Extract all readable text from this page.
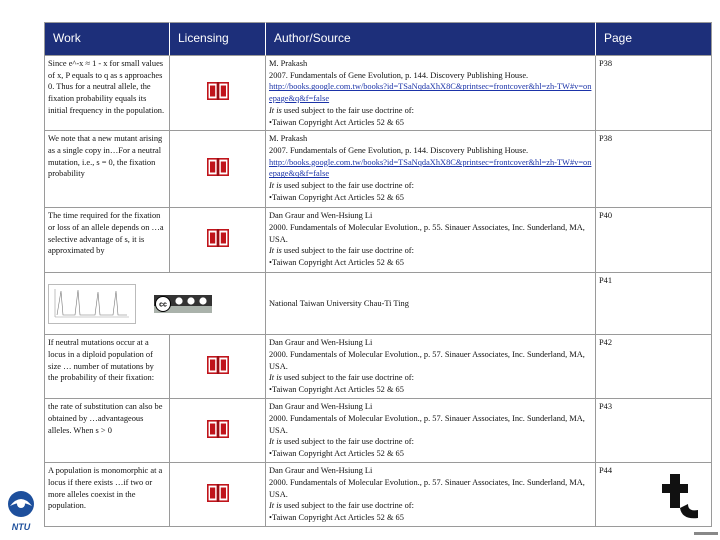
Work	Licensing	Author/Source	Page
Since e^-x ≈ 1 - x for small values of x, P equals to q as s approaches 0. Thus for a neutral allele, the fixation probability equals its initial frequency in the population.		M. Prakash
2007. Fundamentals of Gene Evolution, p. 144. Discovery Publishing House.
http://books.google.com.tw/books?id=TSaNqdaXhX8C&printsec=frontcover&hl=zh-TW#v=onepage&q&f=false
It is used subject to the fair use doctrine of:
•Taiwan Copyright Act Articles 52 & 65	P38
We note that a new mutant arising as a single copy in…For a neutral mutation, i.e., s = 0, the fixation probability		M. Prakash
2007. Fundamentals of Gene Evolution, p. 144. Discovery Publishing House.
http://books.google.com.tw/books?id=TSaNqdaXhX8C&printsec=frontcover&hl=zh-TW#v=onepage&q&f=false
It is used subject to the fair use doctrine of:
•Taiwan Copyright Act Articles 52 & 65	P38
The time required for the fixation or loss of an allele depends on …a selective advantage of s, it is approximated by		Dan Graur and Wen-Hsiung Li
2000. Fundamentals of Molecular Evolution., p. 55. Sinauer Associates, Inc. Sunderland, MA, USA.
It is used subject to the fair use doctrine of:
•Taiwan Copyright Act Articles 52 & 65	P40

cc		National Taiwan University Chau-Ti Ting	P41
If neutral mutations occur at a locus in a diploid population of size … number of mutations by the probability of their fixation:		Dan Graur and Wen-Hsiung Li
2000. Fundamentals of Molecular Evolution., p. 57. Sinauer Associates, Inc. Sunderland, MA, USA.
It is used subject to the fair use doctrine of:
•Taiwan Copyright Act Articles 52 & 65	P42
the rate of substitution can also be obtained by …advantageous alleles. When s > 0		Dan Graur and Wen-Hsiung Li
2000. Fundamentals of Molecular Evolution., p. 57. Sinauer Associates, Inc. Sunderland, MA, USA.
It is used subject to the fair use doctrine of:
•Taiwan Copyright Act Articles 52 & 65	P43
A population is monomorphic at a locus if there exists …if two or more alleles coexist in the population.		Dan Graur and Wen-Hsiung Li
2000. Fundamentals of Molecular Evolution., p. 57. Sinauer Associates, Inc. Sunderland, MA, USA.
It is used subject to the fair use doctrine of:
•Taiwan Copyright Act Articles 52 & 65	P44
NTU
